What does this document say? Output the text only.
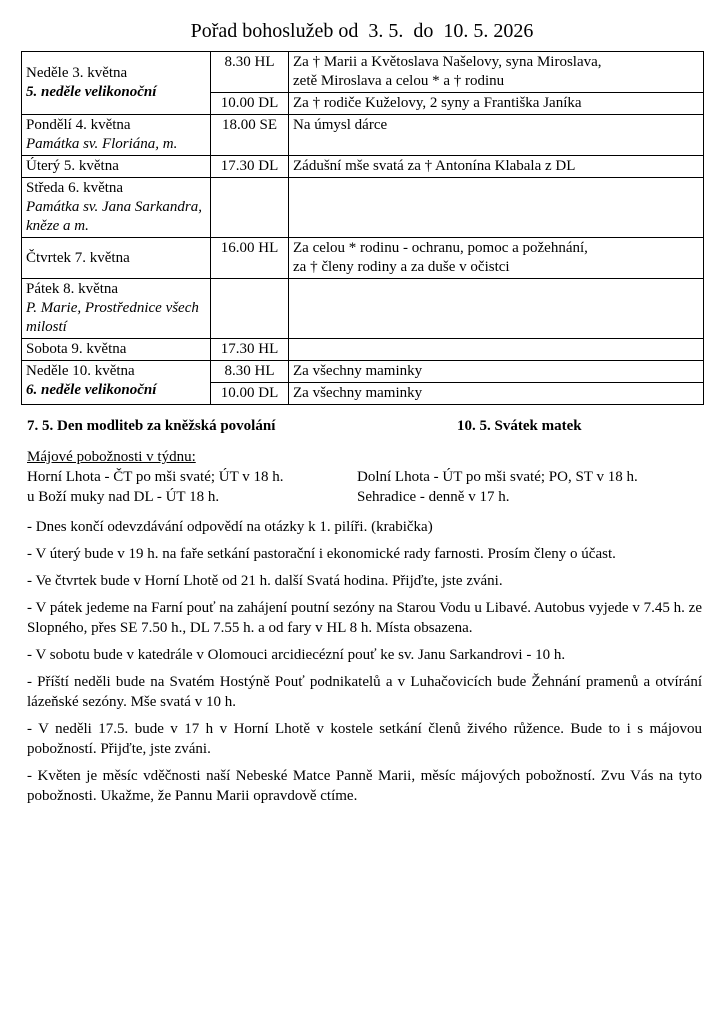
Pořad bohoslužeb od  3. 5.  do  10. 5. 2026
Neděle 3. května
5. neděle velikonoční	8.30 HL	Za † Marii a Květoslava Našelovy, syna Miroslava,
zetě Miroslava a celou * a † rodinu

	10.00 DL	Za † rodiče Kuželovy, 2 syny a Františka Janíka

Pondělí 4. května
Památka sv. Floriána, m.	18.00 SE	Na úmysl dárce

Úterý 5. května	17.30 DL	Zádušní mše svatá za † Antonína Klabala z DL

Středa 6. května
Památka sv. Jana Sarkandra, kněze a m.		

Čtvrtek 7. května	16.00 HL	Za celou * rodinu - ochranu, pomoc a požehnání,
za † členy rodiny a za duše v očistci

Pátek 8. května
P. Marie, Prostřednice všech milostí		

Sobota 9. května	17.30 HL	

Neděle 10. května
6. neděle velikonoční	8.30 HL	Za všechny maminky
	10.00 DL	Za všechny maminky
7. 5. Den modliteb za kněžská povolání	10. 5. Svátek matek
Májové pobožnosti v týdnu:
Horní Lhota - ČT po mši svaté; ÚT v 18 h.	Dolní Lhota - ÚT po mši svaté; PO, ST v 18 h.
u Boží muky nad DL - ÚT 18 h.	Sehradice - denně v 17 h.

- Dnes končí odevzdávání odpovědí na otázky k 1. pilíři. (krabička)

- V úterý bude v 19 h. na faře setkání pastorační i ekonomické rady farnosti. Prosím členy o účast.

- Ve čtvrtek bude v Horní Lhotě od 21 h. další Svatá hodina. Přijďte, jste zváni.

- V pátek jedeme na Farní pouť na zahájení poutní sezóny na Starou Vodu u Libavé. Autobus vyjede v 7.45 h. ze Slopného, přes SE 7.50 h., DL 7.55 h. a od fary v HL 8 h. Místa obsazena.

- V sobotu bude v katedrále v Olomouci arcidiecézní pouť ke sv. Janu Sarkandrovi - 10 h.

- Příští neděli bude na Svatém Hostýně Pouť podnikatelů a v Luhačovicích bude Žehnání pramenů a otvírání lázeňské sezóny. Mše svatá v 10 h.

- V neděli 17.5. bude v 17 h v Horní Lhotě v kostele setkání členů živého růžence. Bude to i s májovou pobožností. Přijďte, jste zváni.

- Květen je měsíc vděčnosti naší Nebeské Matce Panně Marii, měsíc májových pobožností. Zvu Vás na tyto pobožnosti. Ukažme, že Pannu Marii opravdově ctíme.
